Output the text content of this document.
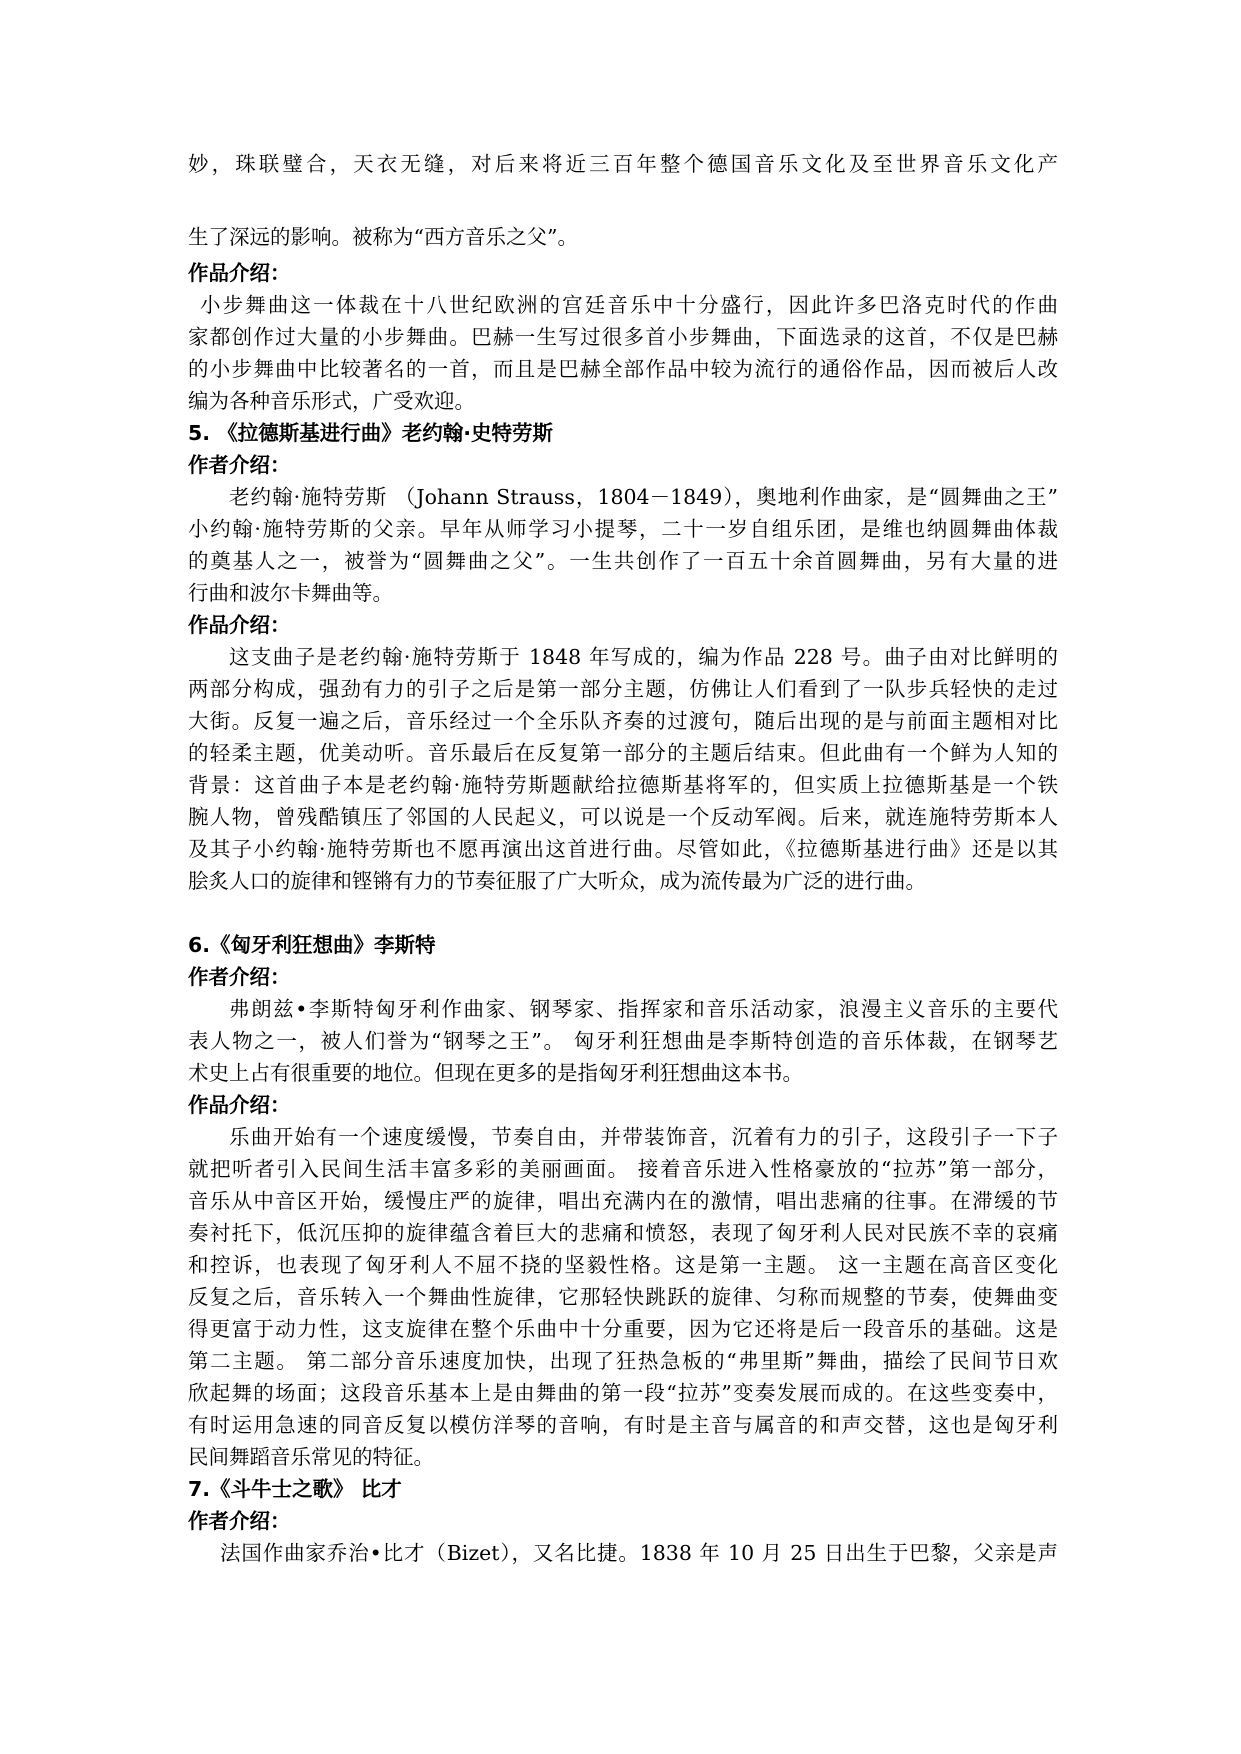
妙，珠联璧合，天衣无缝，对后来将近三百年整个德国音乐文化及至世界音乐文化产
生了深远的影响。被称为“西方音乐之父”。
作品介绍：
小步舞曲这一体裁在十八世纪欧洲的宫廷音乐中十分盛行，因此许多巴洛克时代的作曲
家都创作过大量的小步舞曲。巴赫一生写过很多首小步舞曲，下面选录的这首，不仅是巴赫
的小步舞曲中比较著名的一首，而且是巴赫全部作品中较为流行的通俗作品，因而被后人改
编为各种音乐形式，广受欢迎。
5. 《拉德斯基进行曲》老约翰·史特劳斯
作者介绍：
老约翰·施特劳斯 （Johann Strauss，1804－1849），奥地利作曲家，是“圆舞曲之王”
小约翰·施特劳斯的父亲。早年从师学习小提琴，二十一岁自组乐团，是维也纳圆舞曲体裁
的奠基人之一，被誉为“圆舞曲之父”。一生共创作了一百五十余首圆舞曲，另有大量的进
行曲和波尔卡舞曲等。
作品介绍：
这支曲子是老约翰·施特劳斯于 1848 年写成的，编为作品 228 号。曲子由对比鲜明的
两部分构成，强劲有力的引子之后是第一部分主题，仿佛让人们看到了一队步兵轻快的走过
大街。反复一遍之后，音乐经过一个全乐队齐奏的过渡句，随后出现的是与前面主题相对比
的轻柔主题，优美动听。音乐最后在反复第一部分的主题后结束。但此曲有一个鲜为人知的
背景：这首曲子本是老约翰·施特劳斯题献给拉德斯基将军的，但实质上拉德斯基是一个铁
腕人物，曾残酷镇压了邻国的人民起义，可以说是一个反动军阀。后来，就连施特劳斯本人
及其子小约翰·施特劳斯也不愿再演出这首进行曲。尽管如此，《拉德斯基进行曲》还是以其
脍炙人口的旋律和铿锵有力的节奏征服了广大听众，成为流传最为广泛的进行曲。
6.《匈牙利狂想曲》李斯特
作者介绍：
弗朗兹•李斯特匈牙利作曲家、钢琴家、指挥家和音乐活动家，浪漫主义音乐的主要代
表人物之一，被人们誉为“钢琴之王”。 匈牙利狂想曲是李斯特创造的音乐体裁，在钢琴艺
术史上占有很重要的地位。但现在更多的是指匈牙利狂想曲这本书。
作品介绍：
乐曲开始有一个速度缓慢，节奏自由，并带装饰音，沉着有力的引子，这段引子一下子
就把听者引入民间生活丰富多彩的美丽画面。 接着音乐进入性格豪放的“拉苏”第一部分，
音乐从中音区开始，缓慢庄严的旋律，唱出充满内在的激情，唱出悲痛的往事。在滞缓的节
奏衬托下，低沉压抑的旋律蕴含着巨大的悲痛和愤怒，表现了匈牙利人民对民族不幸的哀痛
和控诉，也表现了匈牙利人不屈不挠的坚毅性格。这是第一主题。 这一主题在高音区变化
反复之后，音乐转入一个舞曲性旋律，它那轻快跳跃的旋律、匀称而规整的节奏，使舞曲变
得更富于动力性，这支旋律在整个乐曲中十分重要，因为它还将是后一段音乐的基础。这是
第二主题。 第二部分音乐速度加快，出现了狂热急板的“弗里斯”舞曲，描绘了民间节日欢
欣起舞的场面；这段音乐基本上是由舞曲的第一段“拉苏”变奏发展而成的。在这些变奏中，
有时运用急速的同音反复以模仿洋琴的音响，有时是主音与属音的和声交替，这也是匈牙利
民间舞蹈音乐常见的特征。
7.《斗牛士之歌》 比才
作者介绍：
法国作曲家乔治•比才（Bizet），又名比捷。1838 年 10 月 25 日出生于巴黎，父亲是声
